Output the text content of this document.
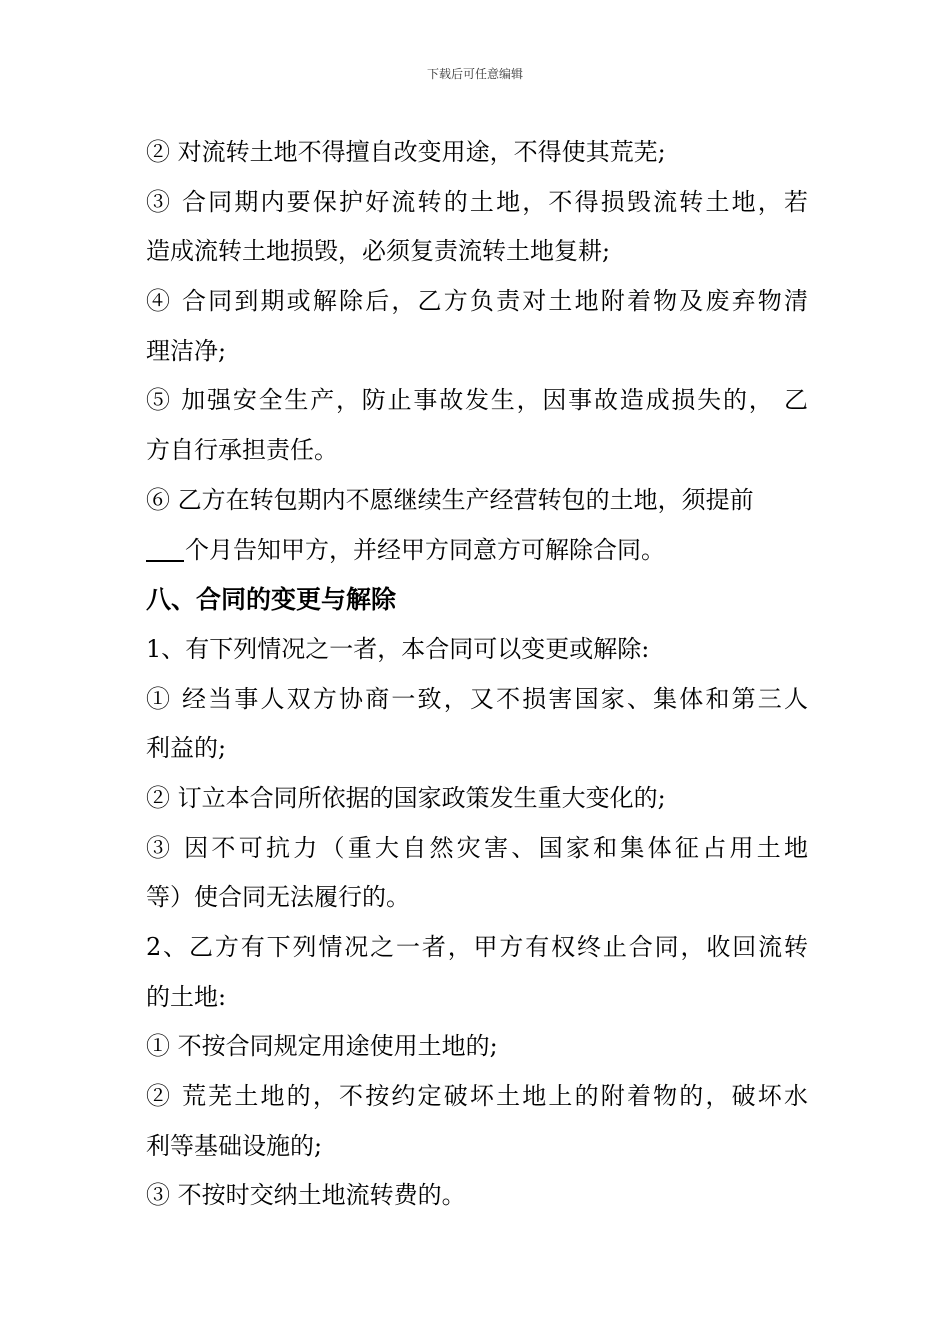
下载后可任意编辑
② 对流转土地不得擅自改变用途，不得使其荒芜;
③ 合同期内要保护好流转的土地，不得损毁流转土地，若
造成流转土地损毁，必须复责流转土地复耕;
④ 合同到期或解除后，乙方负责对土地附着物及废弃物清
理洁净;
⑤ 加强安全生产，防止事故发生，因事故造成损失的， 乙
方自行承担责任。
⑥ 乙方在转包期内不愿继续生产经营转包的土地，须提前
个月告知甲方，并经甲方同意方可解除合同。
八、合同的变更与解除
1、有下列情况之一者，本合同可以变更或解除:
① 经当事人双方协商一致，又不损害国家、集体和第三人
利益的;
② 订立本合同所依据的国家政策发生重大变化的;
③ 因不可抗力（重大自然灾害、国家和集体征占用土地
等）使合同无法履行的。
2、乙方有下列情况之一者，甲方有权终止合同，收回流转
的土地:
① 不按合同规定用途使用土地的;
② 荒芜土地的，不按约定破坏土地上的附着物的，破坏水
利等基础设施的;
③ 不按时交纳土地流转费的。
